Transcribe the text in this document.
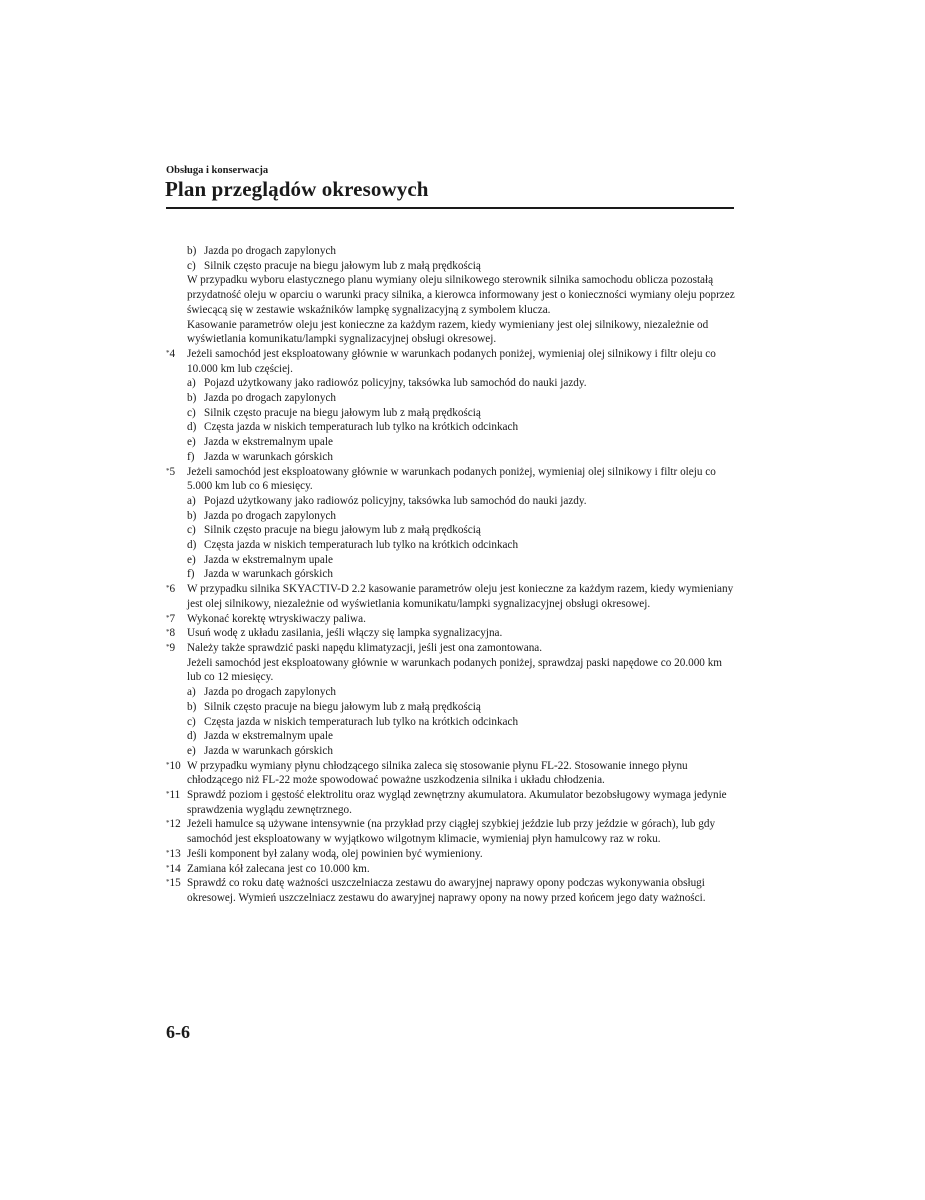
Obsługa i konserwacja
Plan przeglądów okresowych
b) Jazda po drogach zapylonych
c) Silnik często pracuje na biegu jałowym lub z małą prędkością
W przypadku wyboru elastycznego planu wymiany oleju silnikowego sterownik silnika samochodu oblicza pozostałą przydatność oleju w oparciu o warunki pracy silnika, a kierowca informowany jest o konieczności wymiany oleju poprzez świecącą się w zestawie wskaźników lampkę sygnalizacyjną z symbolem klucza.
Kasowanie parametrów oleju jest konieczne za każdym razem, kiedy wymieniany jest olej silnikowy, niezależnie od wyświetlania komunikatu/lampki sygnalizacyjnej obsługi okresowej.
*4	Jeżeli samochód jest eksploatowany głównie w warunkach podanych poniżej, wymieniaj olej silnikowy i filtr oleju co 10.000 km lub częściej.
a) Pojazd użytkowany jako radiowóz policyjny, taksówka lub samochód do nauki jazdy.
b) Jazda po drogach zapylonych
c) Silnik często pracuje na biegu jałowym lub z małą prędkością
d) Częsta jazda w niskich temperaturach lub tylko na krótkich odcinkach
e) Jazda w ekstremalnym upale
f) Jazda w warunkach górskich
*5	Jeżeli samochód jest eksploatowany głównie w warunkach podanych poniżej, wymieniaj olej silnikowy i filtr oleju co 5.000 km lub co 6 miesięcy.
a) Pojazd użytkowany jako radiowóz policyjny, taksówka lub samochód do nauki jazdy.
b) Jazda po drogach zapylonych
c) Silnik często pracuje na biegu jałowym lub z małą prędkością
d) Częsta jazda w niskich temperaturach lub tylko na krótkich odcinkach
e) Jazda w ekstremalnym upale
f) Jazda w warunkach górskich
*6	W przypadku silnika SKYACTIV-D 2.2 kasowanie parametrów oleju jest konieczne za każdym razem, kiedy wymieniany jest olej silnikowy, niezależnie od wyświetlania komunikatu/lampki sygnalizacyjnej obsługi okresowej.
*7	Wykonać korektę wtryskiwaczy paliwa.
*8	Usuń wodę z układu zasilania, jeśli włączy się lampka sygnalizacyjna.
*9	Należy także sprawdzić paski napędu klimatyzacji, jeśli jest ona zamontowana.
Jeżeli samochód jest eksploatowany głównie w warunkach podanych poniżej, sprawdzaj paski napędowe co 20.000 km lub co 12 miesięcy.
a) Jazda po drogach zapylonych
b) Silnik często pracuje na biegu jałowym lub z małą prędkością
c) Częsta jazda w niskich temperaturach lub tylko na krótkich odcinkach
d) Jazda w ekstremalnym upale
e) Jazda w warunkach górskich
*10 W przypadku wymiany płynu chłodzącego silnika zaleca się stosowanie płynu FL-22. Stosowanie innego płynu chłodzącego niż FL-22 może spowodować poważne uszkodzenia silnika i układu chłodzenia.
*11 Sprawdź poziom i gęstość elektrolitu oraz wygląd zewnętrzny akumulatora. Akumulator bezobsługowy wymaga jedynie sprawdzenia wyglądu zewnętrznego.
*12 Jeżeli hamulce są używane intensywnie (na przykład przy ciągłej szybkiej jeździe lub przy jeździe w górach), lub gdy samochód jest eksploatowany w wyjątkowo wilgotnym klimacie, wymieniaj płyn hamulcowy raz w roku.
*13 Jeśli komponent był zalany wodą, olej powinien być wymieniony.
*14 Zamiana kół zalecana jest co 10.000 km.
*15 Sprawdź co roku datę ważności uszczelniacza zestawu do awaryjnej naprawy opony podczas wykonywania obsługi okresowej. Wymień uszczelniacz zestawu do awaryjnej naprawy opony na nowy przed końcem jego daty ważności.
6-6
